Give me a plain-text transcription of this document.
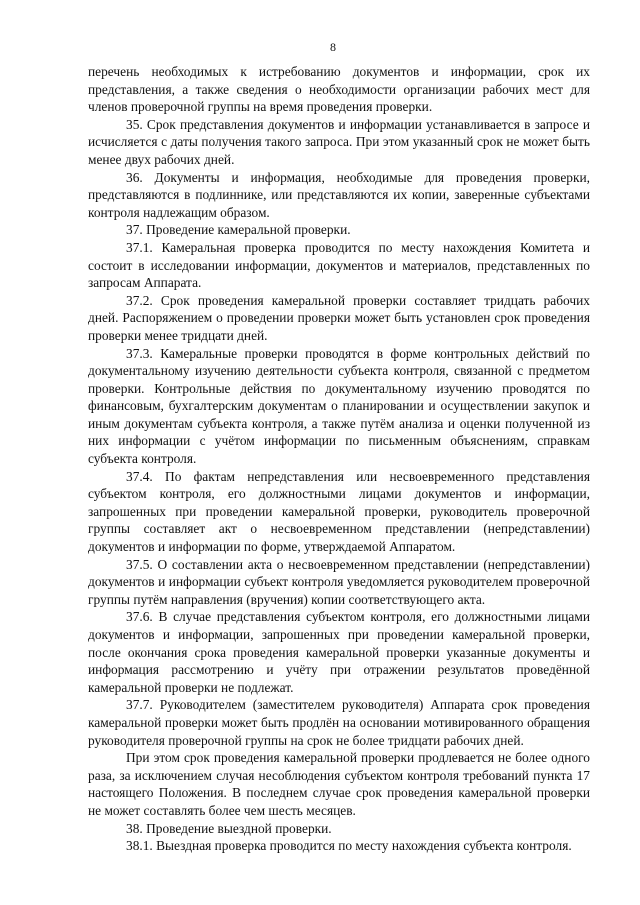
8

перечень необходимых к истребованию документов и информации, срок их представления, а также сведения о необходимости организации рабочих мест для членов проверочной группы на время проведения проверки.

35. Срок представления документов и информации устанавливается в запросе и исчисляется с даты получения такого запроса. При этом указанный срок не может быть менее двух рабочих дней.

36. Документы и информация, необходимые для проведения проверки, представляются в подлиннике, или представляются их копии, заверенные субъектами контроля надлежащим образом.

37. Проведение камеральной проверки.

37.1. Камеральная проверка проводится по месту нахождения Комитета и состоит в исследовании информации, документов и материалов, представленных по запросам Аппарата.

37.2. Срок проведения камеральной проверки составляет тридцать рабочих дней. Распоряжением о проведении проверки может быть установлен срок проведения проверки менее тридцати дней.

37.3. Камеральные проверки проводятся в форме контрольных действий по документальному изучению деятельности субъекта контроля, связанной с предметом проверки. Контрольные действия по документальному изучению проводятся по финансовым, бухгалтерским документам о планировании и осуществлении закупок и иным документам субъекта контроля, а также путём анализа и оценки полученной из них информации с учётом информации по письменным объяснениям, справкам субъекта контроля.

37.4. По фактам непредставления или несвоевременного представления субъектом контроля, его должностными лицами документов и информации, запрошенных при проведении камеральной проверки, руководитель проверочной группы составляет акт о несвоевременном представлении (непредставлении) документов и информации по форме, утверждаемой Аппаратом.

37.5. О составлении акта о несвоевременном представлении (непредставлении) документов и информации субъект контроля уведомляется руководителем проверочной группы путём направления (вручения) копии соответствующего акта.

37.6. В случае представления субъектом контроля, его должностными лицами документов и информации, запрошенных при проведении камеральной проверки, после окончания срока проведения камеральной проверки указанные документы и информация рассмотрению и учёту при отражении результатов проведённой камеральной проверки не подлежат.

37.7. Руководителем (заместителем руководителя) Аппарата срок проведения камеральной проверки может быть продлён на основании мотивированного обращения руководителя проверочной группы на срок не более тридцати рабочих дней.

При этом срок проведения камеральной проверки продлевается не более одного раза, за исключением случая несоблюдения субъектом контроля требований пункта 17 настоящего Положения. В последнем случае срок проведения камеральной проверки не может составлять более чем шесть месяцев.

38. Проведение выездной проверки.

38.1. Выездная проверка проводится по месту нахождения субъекта контроля.
